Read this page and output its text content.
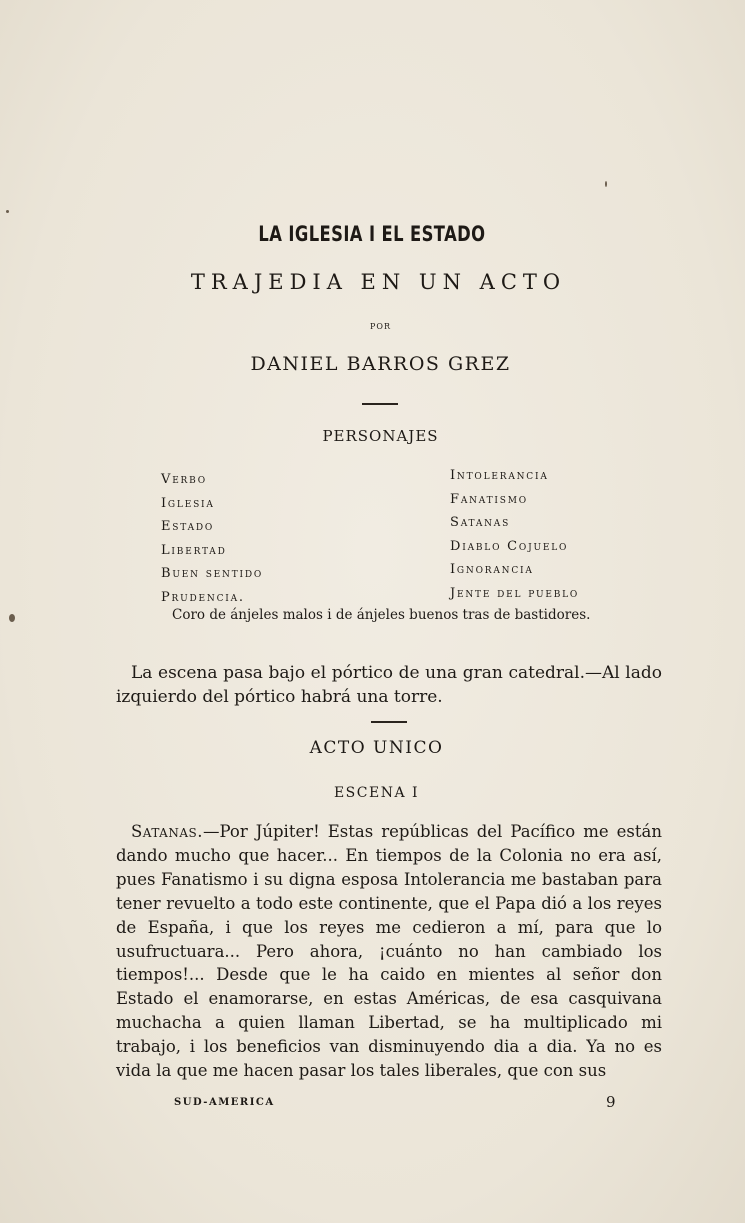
LA IGLESIA I EL ESTADO
TRAJEDIA EN UN ACTO
POR
DANIEL BARROS GREZ
PERSONAJES
Verbo
Iglesia
Estado
Libertad
Buen sentido
Prudencia.
Intolerancia
Fanatismo
Satanas
Diablo Cojuelo
Ignorancia
Jente del pueblo
Coro de ánjeles malos i de ánjeles buenos tras de bastidores.
La escena pasa bajo el pórtico de una gran catedral.—Al lado izquierdo del pórtico habrá una torre.
ACTO UNICO
ESCENA I
Satanas.—Por Júpiter! Estas repúblicas del Pacífico me están dando mucho que hacer... En tiempos de la Colonia no era así, pues Fanatismo i su digna esposa Intolerancia me bastaban para tener revuelto a todo este continente, que el Papa dió a los reyes de España, i que los reyes me cedieron a mí, para que lo usufructuara... Pero ahora, ¡cuánto no han cambiado los tiempos!... Desde que le ha caido en mientes al señor don Estado el enamorarse, en estas Américas, de esa casquivana muchacha a quien llaman Libertad, se ha multiplicado mi trabajo, i los beneficios van disminuyendo dia a dia. Ya no es vida la que me hacen pasar los tales liberales, que con sus
SUD-AMERICA	9
